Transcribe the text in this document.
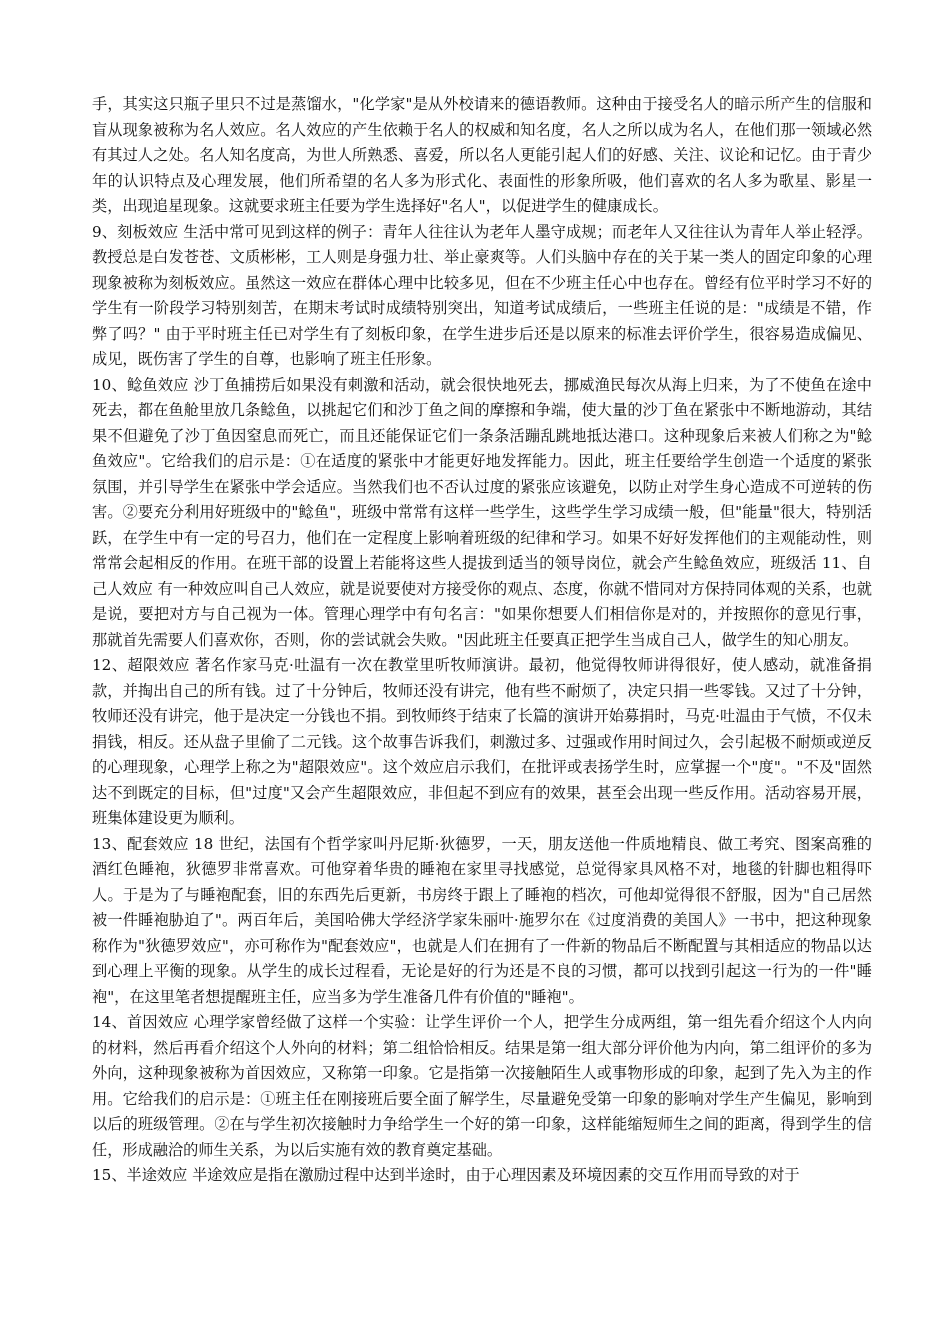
手，其实这只瓶子里只不过是蒸馏水，"化学家"是从外校请来的德语教师。这种由于接受名人的暗示所产生的信服和盲从现象被称为名人效应。名人效应的产生依赖于名人的权威和知名度，名人之所以成为名人，在他们那一领域必然有其过人之处。名人知名度高，为世人所熟悉、喜爱，所以名人更能引起人们的好感、关注、议论和记忆。由于青少年的认识特点及心理发展，他们所希望的名人多为形式化、表面性的形象所吸，他们喜欢的名人多为歌星、影星一类，出现追星现象。这就要求班主任要为学生选择好"名人"，以促进学生的健康成长。

9、刻板效应 生活中常可见到这样的例子：青年人往往认为老年人墨守成规；而老年人又往往认为青年人举止轻浮。教授总是白发苍苍、文质彬彬，工人则是身强力壮、举止豪爽等。人们头脑中存在的关于某一类人的固定印象的心理现象被称为刻板效应。虽然这一效应在群体心理中比较多见，但在不少班主任心中也存在。曾经有位平时学习不好的学生有一阶段学习特别刻苦，在期末考试时成绩特别突出，知道考试成绩后，一些班主任说的是："成绩是不错，作弊了吗？" 由于平时班主任已对学生有了刻板印象，在学生进步后还是以原来的标准去评价学生，很容易造成偏见、成见，既伤害了学生的自尊，也影响了班主任形象。

10、鲶鱼效应 沙丁鱼捕捞后如果没有刺激和活动，就会很快地死去，挪威渔民每次从海上归来，为了不使鱼在途中死去，都在鱼舱里放几条鲶鱼，以挑起它们和沙丁鱼之间的摩擦和争端，使大量的沙丁鱼在紧张中不断地游动，其结果不但避免了沙丁鱼因窒息而死亡，而且还能保证它们一条条活蹦乱跳地抵达港口。这种现象后来被人们称之为"鲶鱼效应"。它给我们的启示是：①在适度的紧张中才能更好地发挥能力。因此，班主任要给学生创造一个适度的紧张氛围，并引导学生在紧张中学会适应。当然我们也不否认过度的紧张应该避免，以防止对学生身心造成不可逆转的伤害。②要充分利用好班级中的"鲶鱼"，班级中常常有这样一些学生，这些学生学习成绩一般，但"能量"很大，特别活跃，在学生中有一定的号召力，他们在一定程度上影响着班级的纪律和学习。如果不好好发挥他们的主观能动性，则常常会起相反的作用。在班干部的设置上若能将这些人提拔到适当的领导岗位，就会产生鲶鱼效应，班级活 11、自己人效应 有一种效应叫自己人效应，就是说要使对方接受你的观点、态度，你就不惜同对方保持同体观的关系，也就是说，要把对方与自己视为一体。管理心理学中有句名言："如果你想要人们相信你是对的，并按照你的意见行事，那就首先需要人们喜欢你，否则，你的尝试就会失败。"因此班主任要真正把学生当成自己人，做学生的知心朋友。

12、超限效应 著名作家马克·吐温有一次在教堂里听牧师演讲。最初，他觉得牧师讲得很好，使人感动，就准备捐款，并掏出自己的所有钱。过了十分钟后，牧师还没有讲完，他有些不耐烦了，决定只捐一些零钱。又过了十分钟，牧师还没有讲完，他于是决定一分钱也不捐。到牧师终于结束了长篇的演讲开始募捐时，马克·吐温由于气愤，不仅未捐钱，相反。还从盘子里偷了二元钱。这个故事告诉我们，刺激过多、过强或作用时间过久，会引起极不耐烦或逆反的心理现象，心理学上称之为"超限效应"。这个效应启示我们，在批评或表扬学生时，应掌握一个"度"。"不及"固然达不到既定的目标，但"过度"又会产生超限效应，非但起不到应有的效果，甚至会出现一些反作用。活动容易开展，班集体建设更为顺利。

13、配套效应 18 世纪，法国有个哲学家叫丹尼斯·狄德罗，一天，朋友送他一件质地精良、做工考究、图案高雅的酒红色睡袍，狄德罗非常喜欢。可他穿着华贵的睡袍在家里寻找感觉，总觉得家具风格不对，地毯的针脚也粗得吓人。于是为了与睡袍配套，旧的东西先后更新，书房终于跟上了睡袍的档次，可他却觉得很不舒服，因为"自己居然被一件睡袍胁迫了"。两百年后，美国哈佛大学经济学家朱丽叶·施罗尔在《过度消费的美国人》一书中，把这种现象称作为"狄德罗效应"，亦可称作为"配套效应"，也就是人们在拥有了一件新的物品后不断配置与其相适应的物品以达到心理上平衡的现象。从学生的成长过程看，无论是好的行为还是不良的习惯，都可以找到引起这一行为的一件"睡袍"，在这里笔者想提醒班主任，应当多为学生准备几件有价值的"睡袍"。

14、首因效应 心理学家曾经做了这样一个实验：让学生评价一个人，把学生分成两组，第一组先看介绍这个人内向的材料，然后再看介绍这个人外向的材料；第二组恰恰相反。结果是第一组大部分评价他为内向，第二组评价的多为外向，这种现象被称为首因效应，又称第一印象。它是指第一次接触陌生人或事物形成的印象，起到了先入为主的作用。它给我们的启示是：①班主任在刚接班后要全面了解学生，尽量避免受第一印象的影响对学生产生偏见，影响到以后的班级管理。②在与学生初次接触时力争给学生一个好的第一印象，这样能缩短师生之间的距离，得到学生的信任，形成融洽的师生关系，为以后实施有效的教育奠定基础。

15、半途效应 半途效应是指在激励过程中达到半途时，由于心理因素及环境因素的交互作用而导致的对于
